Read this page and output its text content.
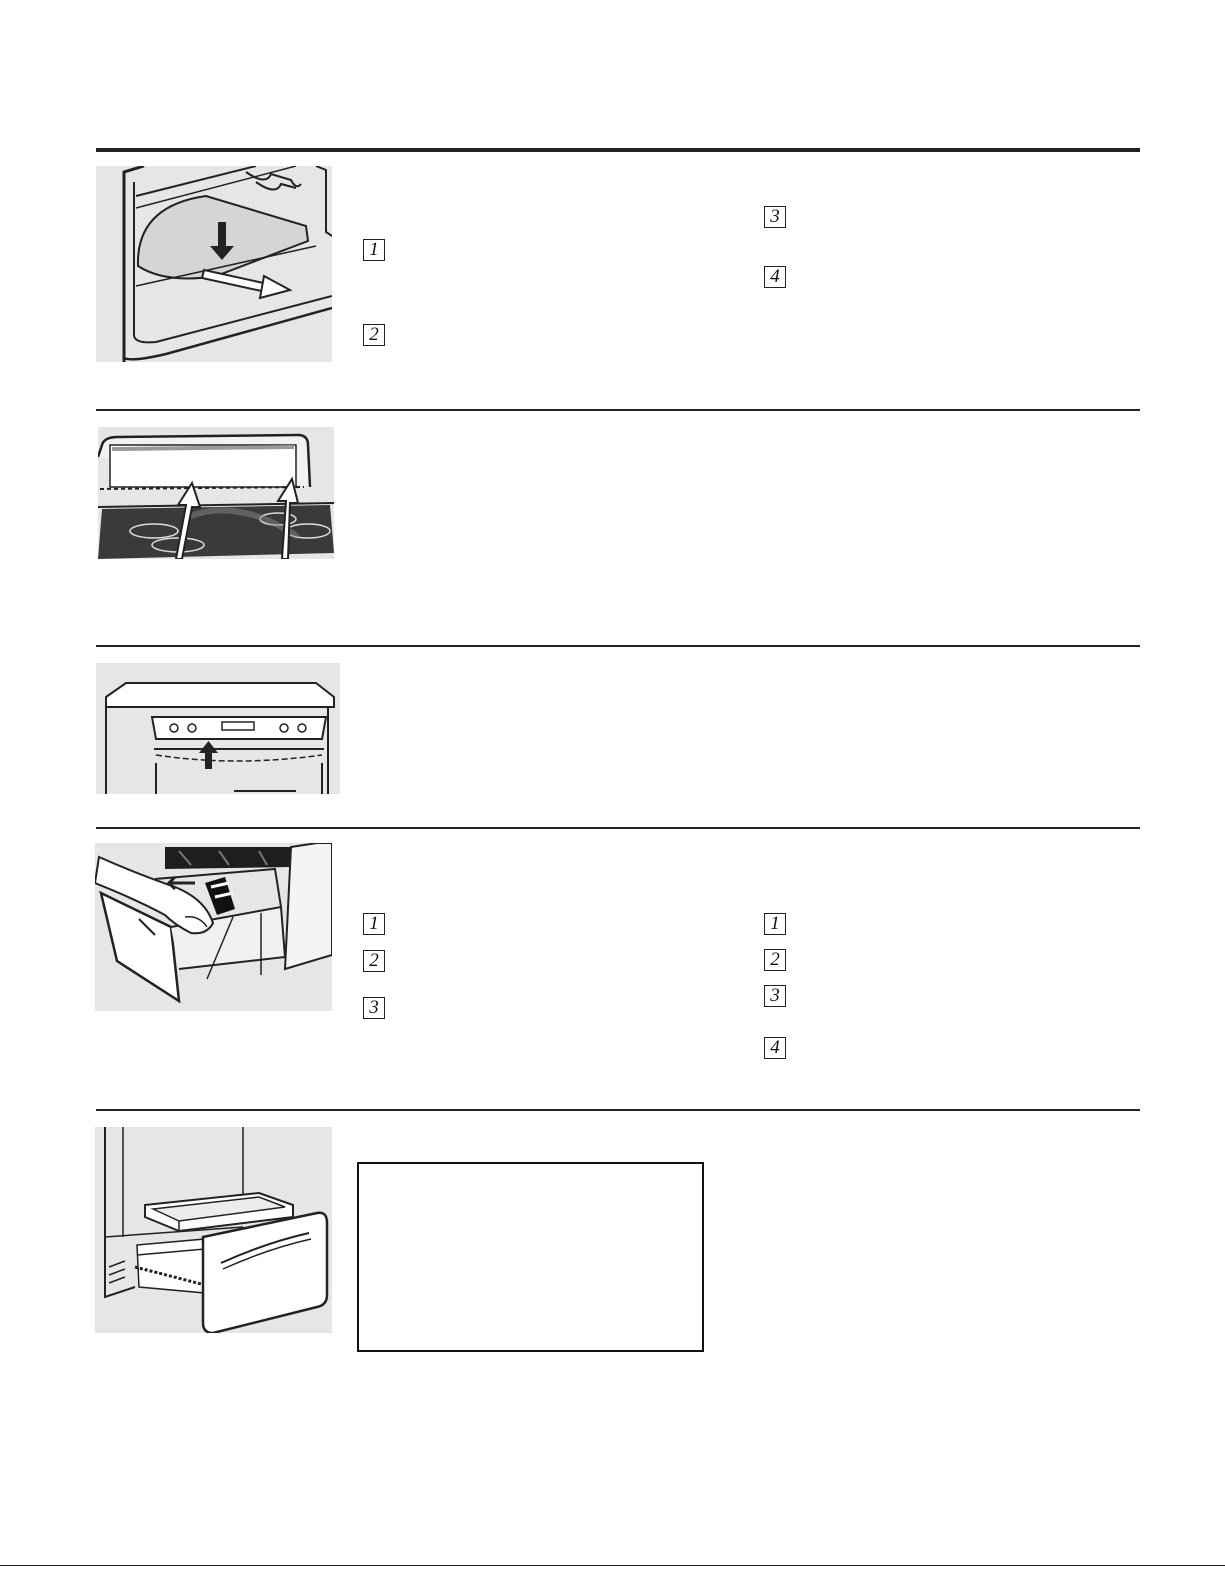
1
2
3
4
1
2
3
1
2
3
4
